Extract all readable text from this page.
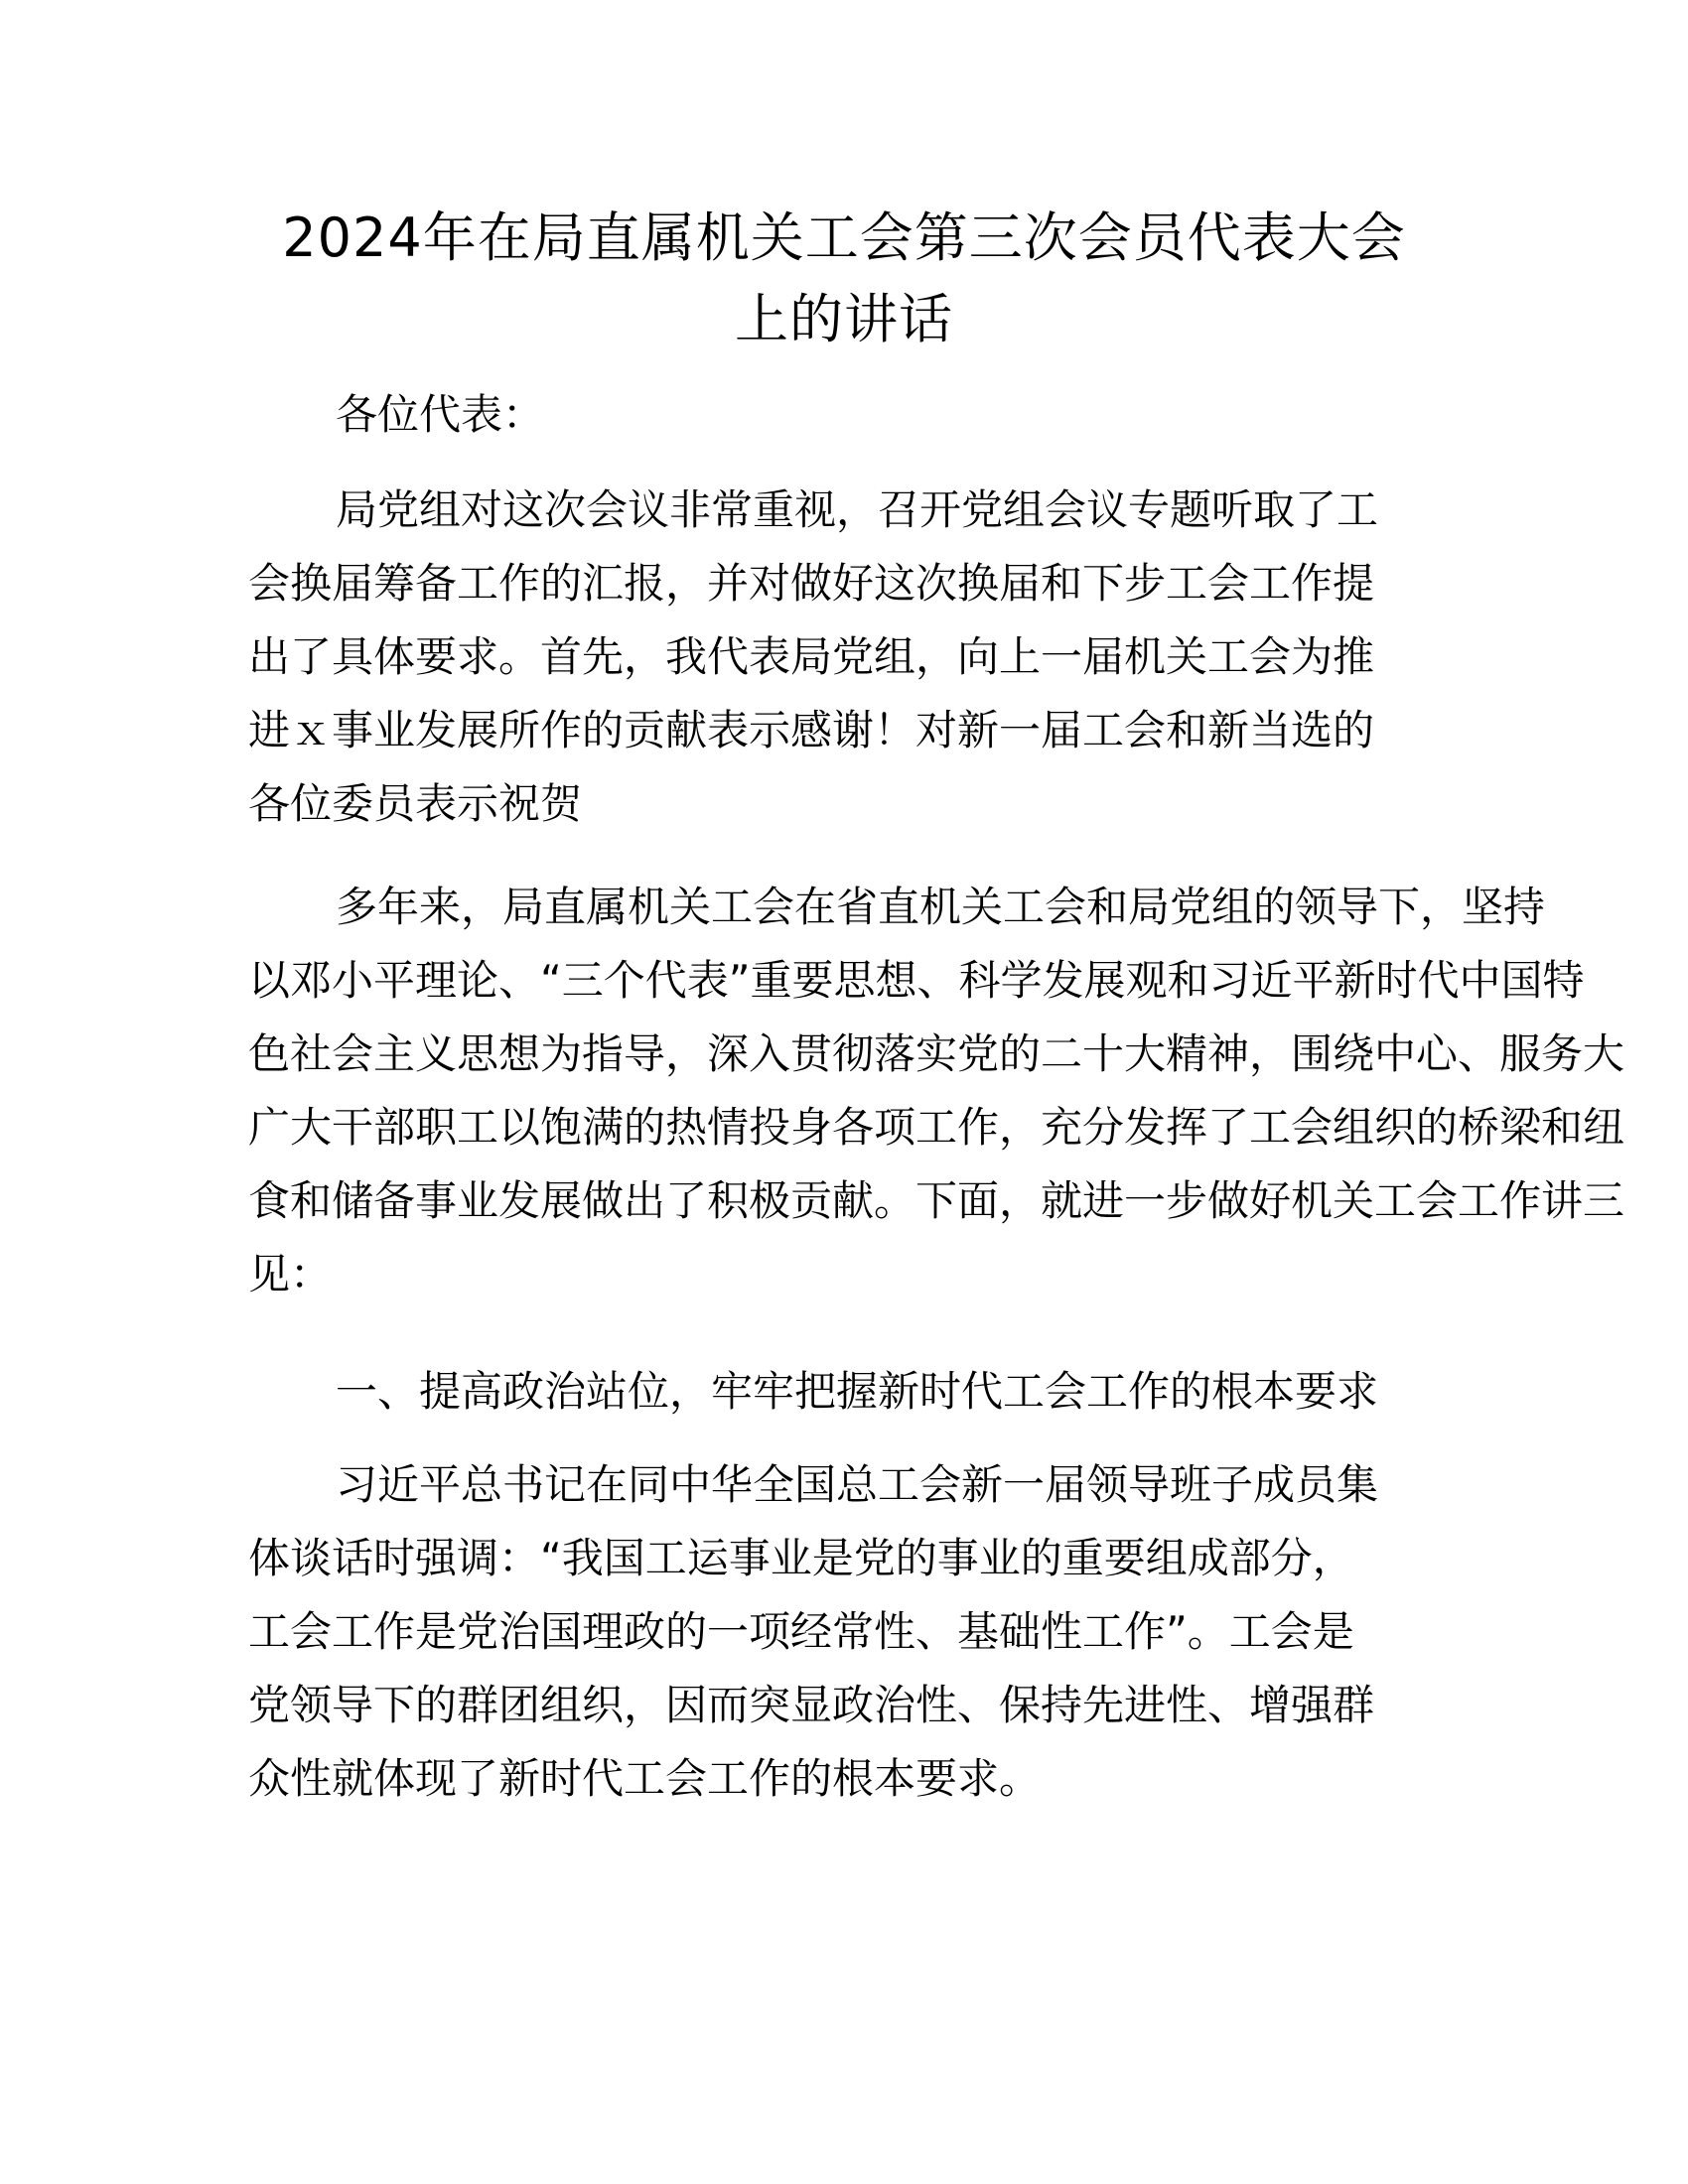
2024年在局直属机关工会第三次会员代表大会
上的讲话

各位代表：

局党组对这次会议非常重视，召开党组会议专题听取了工

会换届筹备工作的汇报，并对做好这次换届和下步工会工作提

出了具体要求。首先，我代表局党组，向上一届机关工会为推

进ｘ事业发展所作的贡献表示感谢！对新一届工会和新当选的

各位委员表示祝贺

多年来，局直属机关工会在省直机关工会和局党组的领导下，坚持

以邓小平理论、“三个代表”重要思想、科学发展观和习近平新时代中国特

色社会主义思想为指导，深入贯彻落实党的二十大精神，围绕中心、服务大

广大干部职工以饱满的热情投身各项工作，充分发挥了工会组织的桥梁和纽

食和储备事业发展做出了积极贡献。下面，就进一步做好机关工会工作讲三

见：

一、提高政治站位，牢牢把握新时代工会工作的根本要求

习近平总书记在同中华全国总工会新一届领导班子成员集

体谈话时强调：“我国工运事业是党的事业的重要组成部分，

工会工作是党治国理政的一项经常性、基础性工作”。工会是

党领导下的群团组织，因而突显政治性、保持先进性、增强群

众性就体现了新时代工会工作的根本要求。
